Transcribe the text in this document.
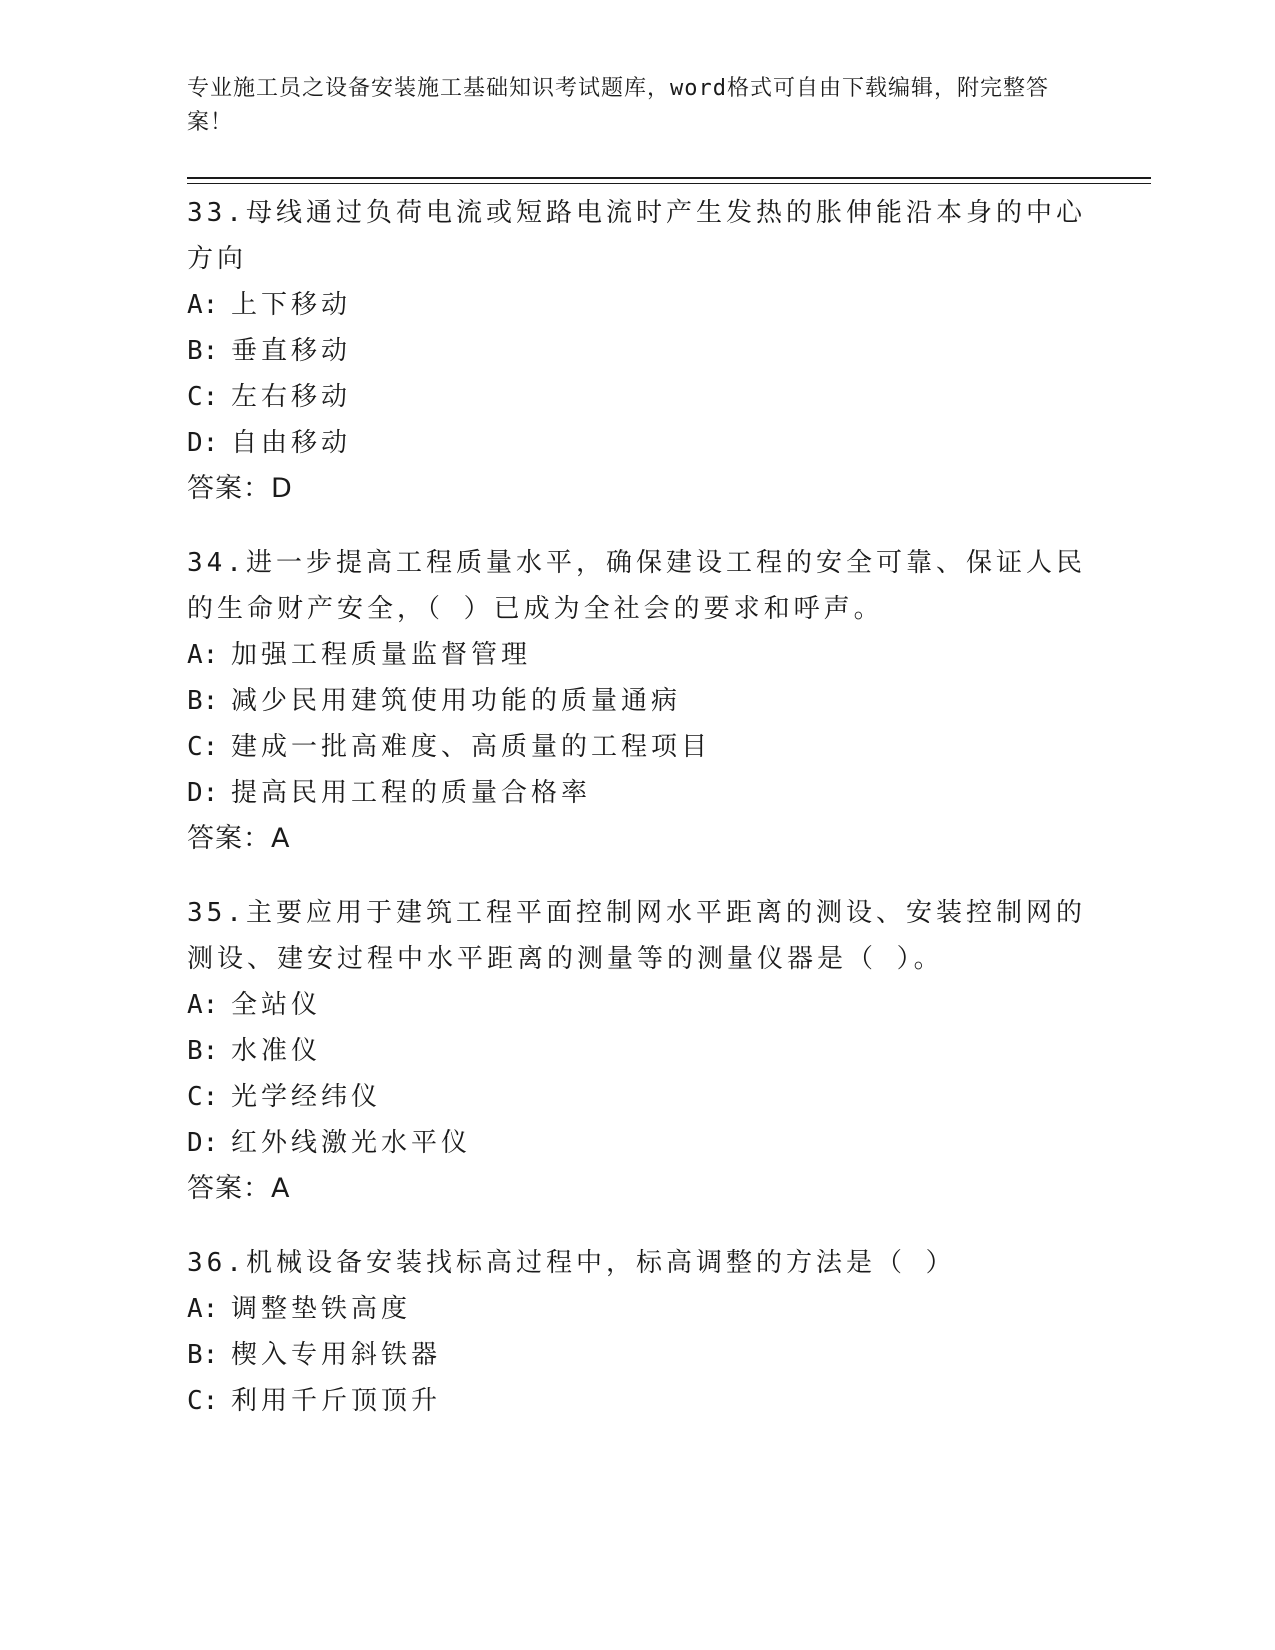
专业施工员之设备安装施工基础知识考试题库，word格式可自由下载编辑，附完整答案！

33.母线通过负荷电流或短路电流时产生发热的胀伸能沿本身的中心方向

A: 上下移动

B: 垂直移动

C: 左右移动

D: 自由移动

答案：D

34.进一步提高工程质量水平，确保建设工程的安全可靠、保证人民的生命财产安全，（ ）已成为全社会的要求和呼声。

A: 加强工程质量监督管理

B: 减少民用建筑使用功能的质量通病

C: 建成一批高难度、高质量的工程项目

D: 提高民用工程的质量合格率

答案：A

35.主要应用于建筑工程平面控制网水平距离的测设、安装控制网的测设、建安过程中水平距离的测量等的测量仪器是（ ）。

A: 全站仪

B: 水准仪

C: 光学经纬仪

D: 红外线激光水平仪

答案：A

36.机械设备安装找标高过程中，标高调整的方法是（ ）

A: 调整垫铁高度

B: 楔入专用斜铁器

C: 利用千斤顶顶升
